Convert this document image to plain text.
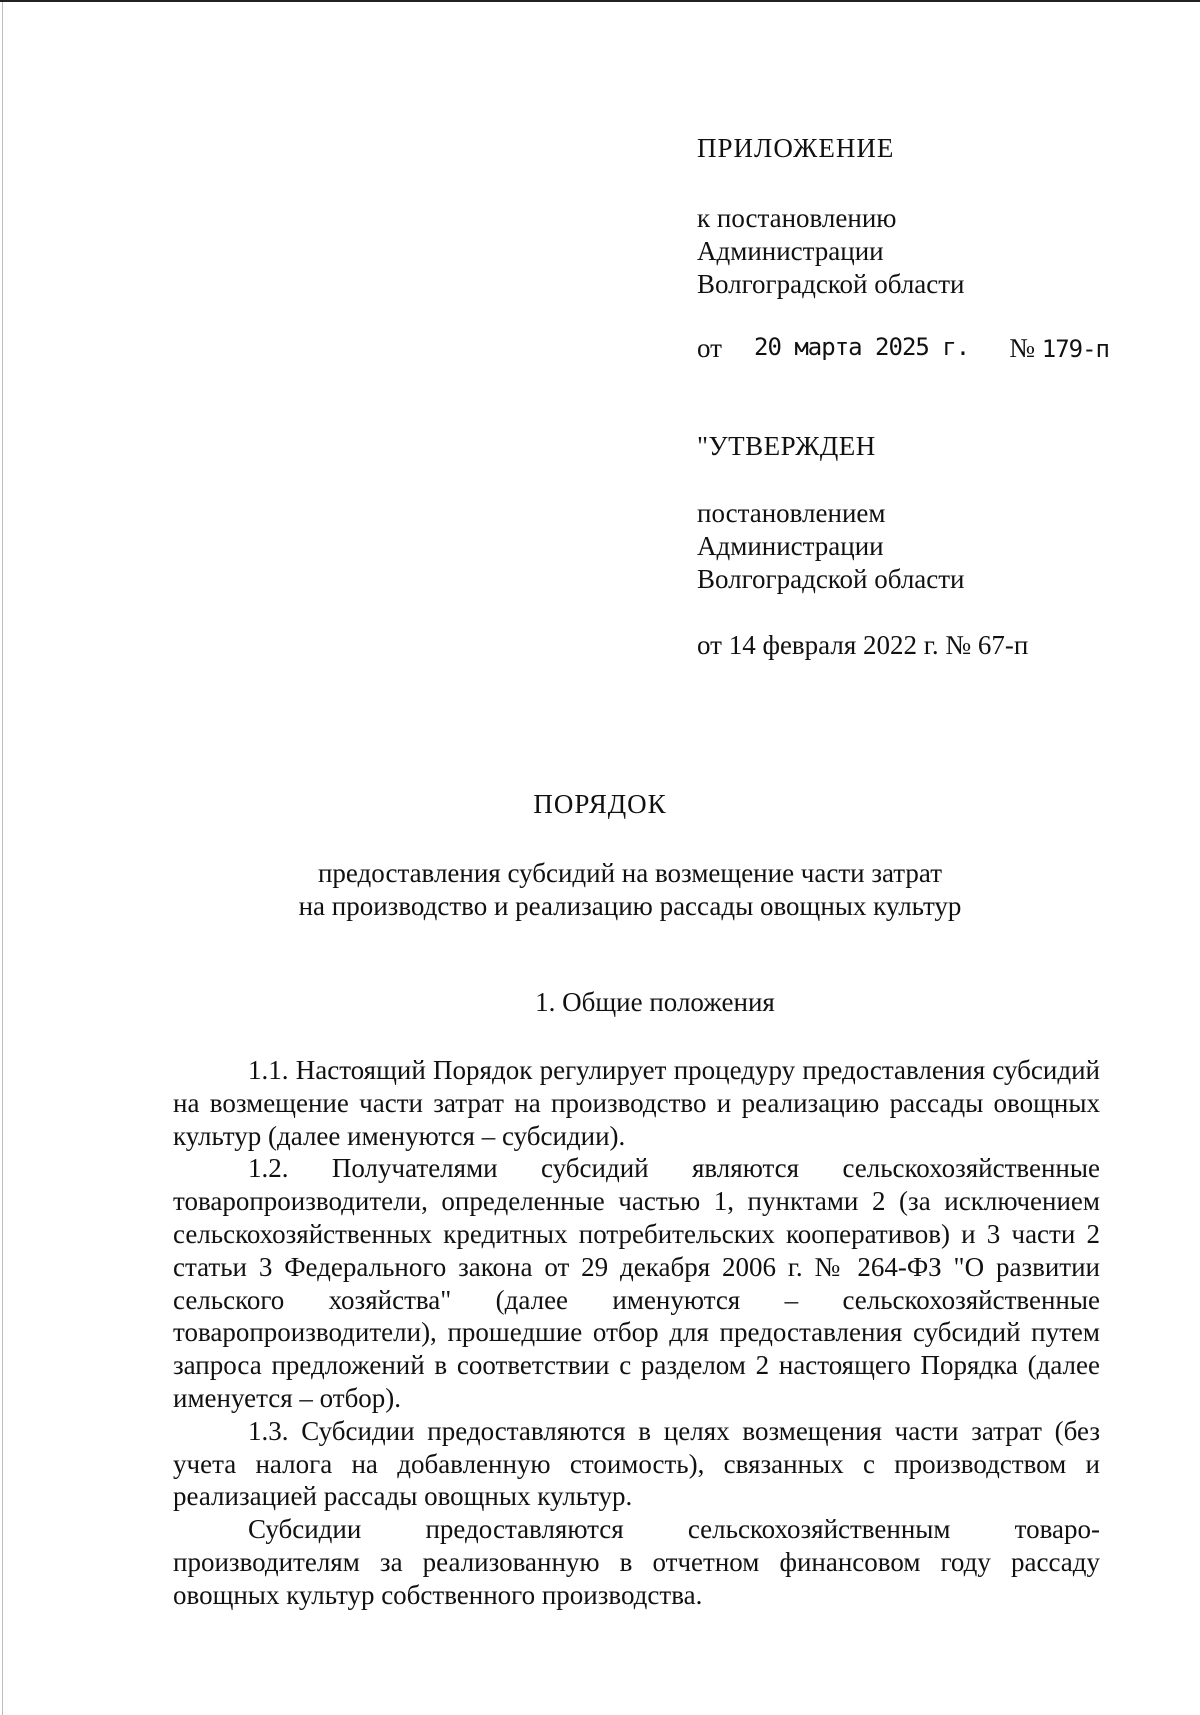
ПРИЛОЖЕНИЕ
к постановлению
Администрации
Волгоградской области
от 20 марта 2025 г. № 179-п
"УТВЕРЖДЕН
постановлением
Администрации
Волгоградской области
от 14 февраля 2022 г. № 67-п
ПОРЯДОК
предоставления субсидий на возмещение части затрат
на производство и реализацию рассады овощных культур
1. Общие положения

1.1. Настоящий Порядок регулирует процедуру предоставления субсидий на возмещение части затрат на производство и реализацию рассады овощных культур (далее именуются – субсидии).

1.2. Получателями субсидий являются сельскохозяйственные товаропроизводители, определенные частью 1, пунктами 2 (за исключением сельскохозяйственных кредитных потребительских кооперативов) и 3 части 2 статьи 3 Федерального закона от 29 декабря 2006 г. № 264-ФЗ "О развитии сельского хозяйства" (далее именуются – сельскохозяйственные товаропроизводители), прошедшие отбор для предоставления субсидий путем запроса предложений в соответствии с разделом 2 настоящего Порядка (далее именуется – отбор).

1.3. Субсидии предоставляются в целях возмещения части затрат (без учета налога на добавленную стоимость), связанных с производством и реализацией рассады овощных культур.

Субсидии предоставляются сельскохозяйственным товаропроизводителям за реализованную в отчетном финансовом году рассаду овощных культур собственного производства.
